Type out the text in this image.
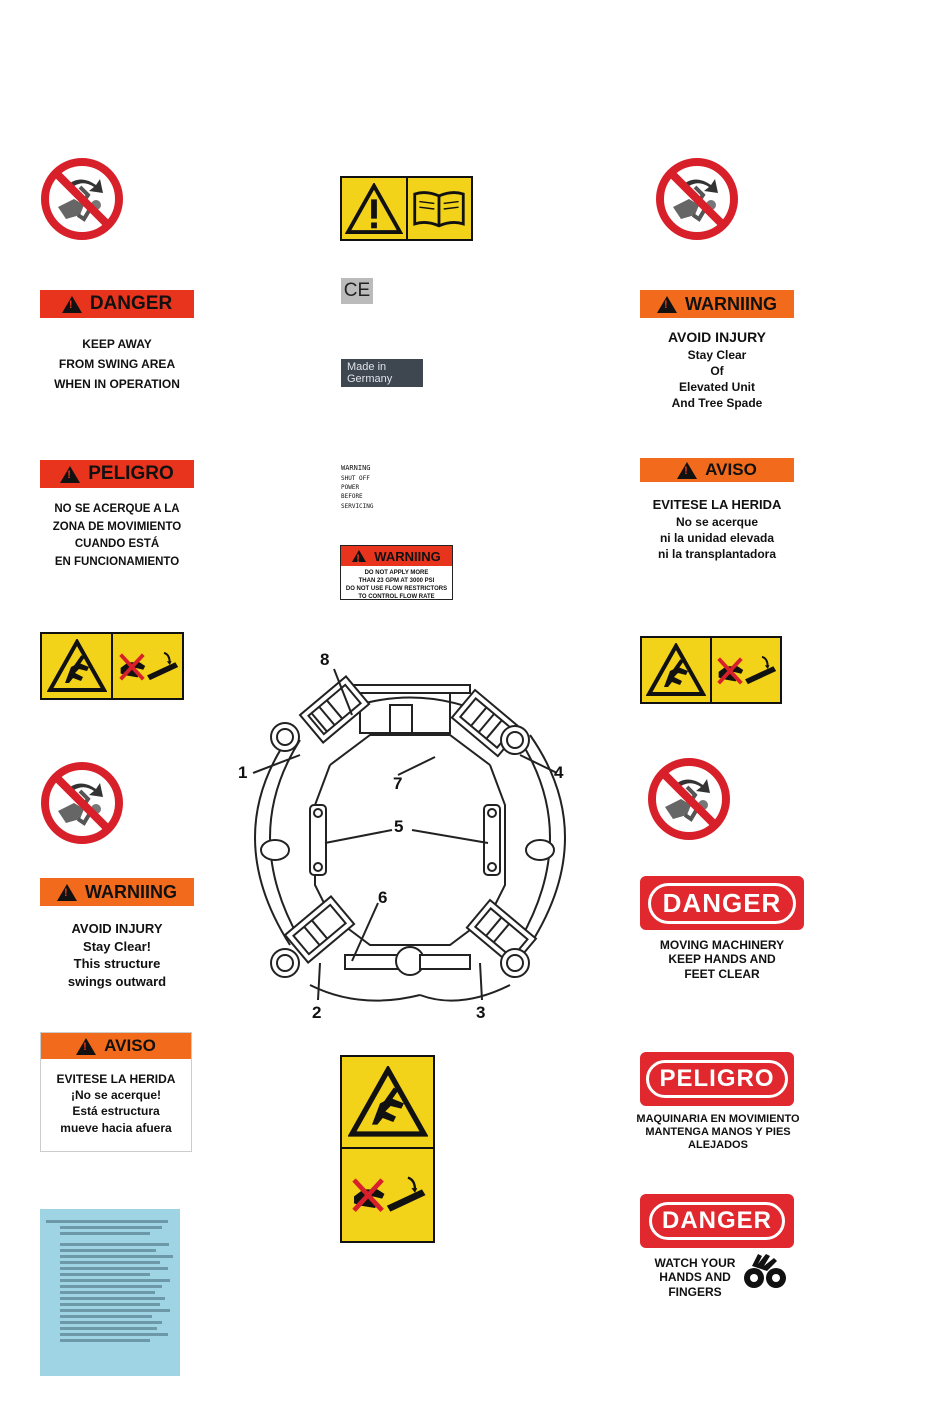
!
DANGER
KEEP AWAY
FROM SWING AREA
WHEN IN OPERATION
!
PELIGRO
NO SE ACERQUE A LA
ZONA DE MOVIMIENTO
CUANDO ESTÁ
EN FUNCIONAMIENTO
!
WARNIING
AVOID INJURY
Stay Clear!
This structure
swings outward
!
AVISO
EVITESE LA HERIDA
¡No se acerque!
Está estructura
mueve hacia afuera
CE
Made in
Germany
WARNING
SHUT OFF
POWER
BEFORE
SERVICING
!
WARNIING
DO NOT APPLY MORE
THAN 23 GPM AT 3000 PSI
DO NOT USE FLOW RESTRICTORS
TO CONTROL FLOW RATE
1
2	3
4
5
6
7
8
!
WARNIING
AVOID INJURY
Stay Clear
Of
Elevated Unit
And Tree Spade
!
AVISO
EVITESE LA HERIDA
No se acerque
ni la unidad elevada
ni la transplantadora
DANGER
MOVING MACHINERY
KEEP HANDS AND
FEET CLEAR
PELIGRO
MAQUINARIA EN MOVIMIENTO
MANTENGA MANOS Y PIES
ALEJADOS
DANGER
WATCH YOUR
HANDS AND
FINGERS
